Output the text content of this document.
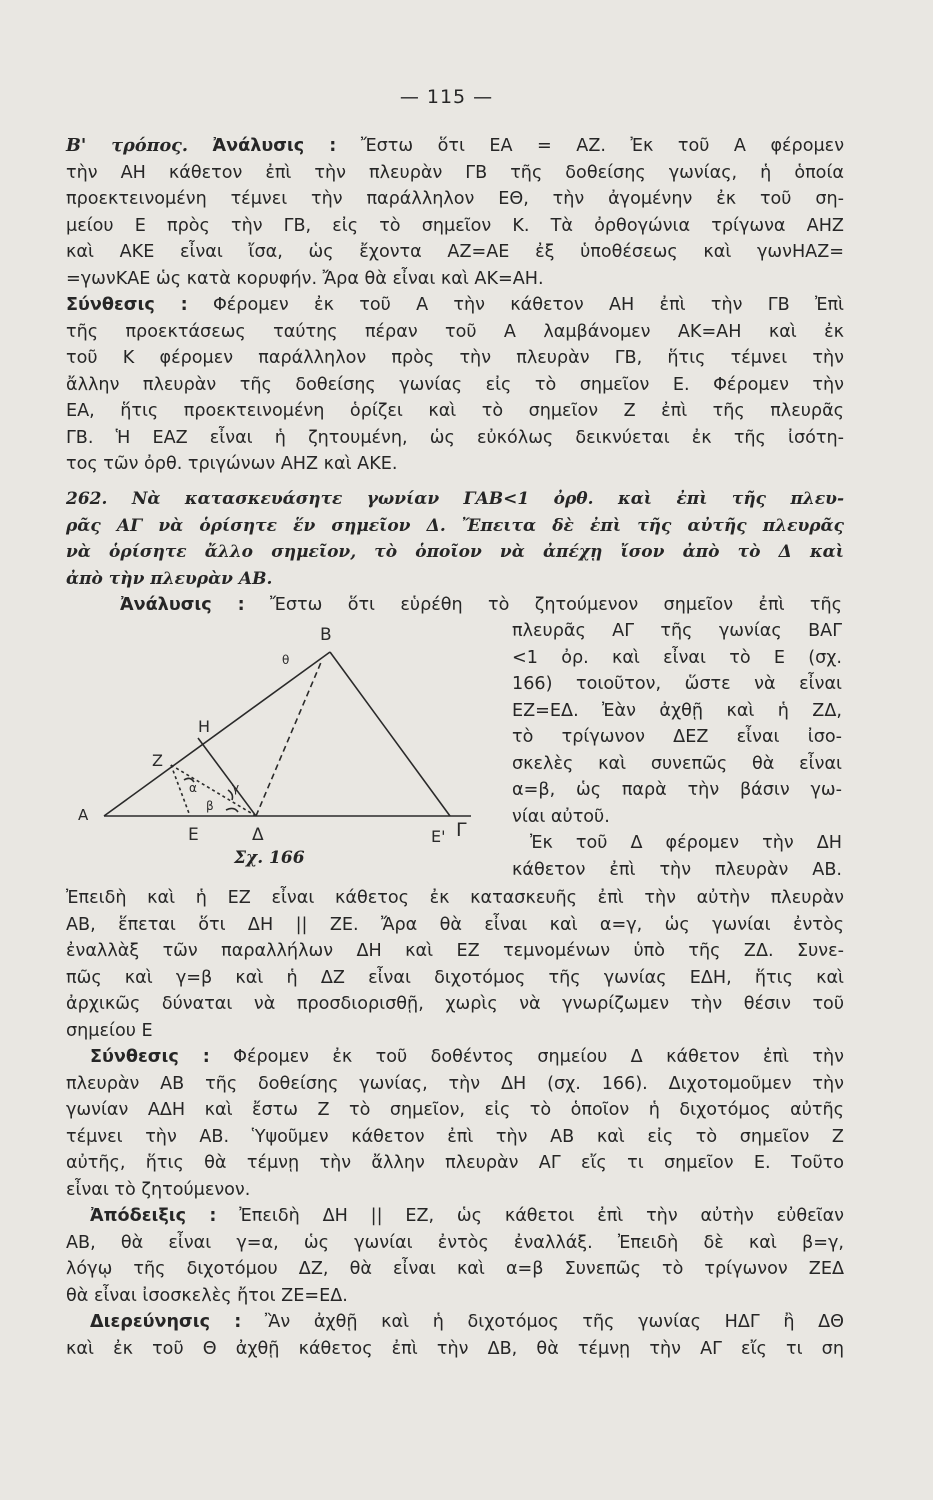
— 115 —

Β' τρόπος. Ἀνάλυσις : Ἔστω ὅτι ΕΑ = ΑΖ. Ἐκ τοῦ Α φέρομεν

τὴν ΑΗ κάθετον ἐπὶ τὴν πλευρὰν ΓΒ τῆς δοθείσης γωνίας, ἡ ὁποία

προεκτεινομένη τέμνει τὴν παράλληλον ΕΘ, τὴν ἀγομένην ἐκ τοῦ ση-

μείου Ε πρὸς τὴν ΓΒ, εἰς τὸ σημεῖον Κ. Τὰ ὀρθογώνια τρίγωνα ΑΗΖ

καὶ ΑΚΕ εἶναι ἴσα, ὡς ἔχοντα ΑΖ=ΑΕ ἐξ ὑποθέσεως καὶ γωνΗΑΖ=

=γωνΚΑΕ ὡς κατὰ κορυφήν. Ἄρα θὰ εἶναι καὶ ΑΚ=ΑΗ.

Σύνθεσις : Φέρομεν ἐκ τοῦ Α τὴν κάθετον ΑΗ ἐπὶ τὴν ΓΒ Ἐπὶ

τῆς προεκτάσεως ταύτης πέραν τοῦ Α λαμβάνομεν ΑΚ=ΑΗ καὶ ἐκ

τοῦ Κ φέρομεν παράλληλον πρὸς τὴν πλευρὰν ΓΒ, ἥτις τέμνει τὴν

ἄλλην πλευρὰν τῆς δοθείσης γωνίας εἰς τὸ σημεῖον Ε. Φέρομεν τὴν

ΕΑ, ἥτις προεκτεινομένη ὁρίζει καὶ τὸ σημεῖον Ζ ἐπὶ τῆς πλευρᾶς

ΓΒ. Ἡ ΕΑΖ εἶναι ἡ ζητουμένη, ὡς εὐκόλως δεικνύεται ἐκ τῆς ἰσότη-

τος τῶν ὀρθ. τριγώνων ΑΗΖ καὶ ΑΚΕ.

262. Νὰ κατασκευάσητε γωνίαν ΓΑΒ<1 ὀρθ. καὶ ἐπὶ τῆς πλευ-
ρᾶς ΑΓ νὰ ὁρίσητε ἕν σημεῖον Δ. Ἔπειτα δὲ ἐπὶ τῆς αὐτῆς πλευρᾶς
νὰ ὁρίσητε ἄλλο σημεῖον, τὸ ὁποῖον νὰ ἀπέχῃ ἴσον ἀπὸ τὸ Δ καὶ
ἀπὸ τὴν πλευρὰν ΑΒ.
Ἀνάλυσις : Ἔστω ὅτι εὑρέθη τὸ ζητούμενον σημεῖον ἐπὶ τῆς

πλευρᾶς ΑΓ τῆς γωνίας ΒΑΓ

<1 ὀρ. καὶ εἶναι τὸ Ε (σχ.

166) τοιοῦτον, ὥστε νὰ εἶναι

ΕΖ=ΕΔ. Ἐὰν ἀχθῇ καὶ ἡ ΖΔ,

τὸ τρίγωνον ΔΕΖ εἶναι ἰσο-

σκελὲς καὶ συνεπῶς θὰ εἶναι

α=β, ὡς παρὰ τὴν βάσιν γω-

νίαι αὐτοῦ.

Ἐκ τοῦ Δ φέρομεν τὴν ΔΗ

κάθετον ἐπὶ τὴν πλευρὰν ΑΒ.

Α
Β
Γ
Δ
Ε	Ε'
Ζ
Η
θ
α
β
γ
Σχ. 166

Ἐπειδὴ καὶ ἡ ΕΖ εἶναι κάθετος ἐκ κατασκευῆς ἐπὶ τὴν αὐτὴν πλευρὰν

ΑΒ, ἕπεται ὅτι ΔΗ || ΖΕ. Ἄρα θὰ εἶναι καὶ α=γ, ὡς γωνίαι ἐντὸς

ἐναλλὰξ τῶν παραλλήλων ΔΗ καὶ ΕΖ τεμνομένων ὑπὸ τῆς ΖΔ. Συνε-

πῶς καὶ γ=β καὶ ἡ ΔΖ εἶναι διχοτόμος τῆς γωνίας ΕΔΗ, ἥτις καὶ

ἀρχικῶς δύναται νὰ προσδιορισθῇ, χωρὶς νὰ γνωρίζωμεν τὴν θέσιν τοῦ

σημείου Ε

Σύνθεσις : Φέρομεν ἐκ τοῦ δοθέντος σημείου Δ κάθετον ἐπὶ τὴν

πλευρὰν ΑΒ τῆς δοθείσης γωνίας, τὴν ΔΗ (σχ. 166). Διχοτομοῦμεν τὴν

γωνίαν ΑΔΗ καὶ ἔστω Ζ τὸ σημεῖον, εἰς τὸ ὁποῖον ἡ διχοτόμος αὐτῆς

τέμνει τὴν ΑΒ. Ὑψοῦμεν κάθετον ἐπὶ τὴν ΑΒ καὶ εἰς τὸ σημεῖον Ζ

αὐτῆς, ἥτις θὰ τέμνῃ τὴν ἄλλην πλευρὰν ΑΓ εἴς τι σημεῖον Ε. Τοῦτο

εἶναι τὸ ζητούμενον.

Ἀπόδειξις : Ἐπειδὴ ΔΗ || ΕΖ, ὡς κάθετοι ἐπὶ τὴν αὐτὴν εὐθεῖαν

ΑΒ, θὰ εἶναι γ=α, ὡς γωνίαι ἐντὸς ἐναλλάξ. Ἐπειδὴ δὲ καὶ β=γ,

λόγῳ τῆς διχοτόμου ΔΖ, θὰ εἶναι καὶ α=β Συνεπῶς τὸ τρίγωνον ΖΕΔ

θὰ εἶναι ἰσοσκελὲς ἤτοι ΖΕ=ΕΔ.

Διερεύνησις : Ἂν ἀχθῇ καὶ ἡ διχοτόμος τῆς γωνίας ΗΔΓ ἢ ΔΘ

καὶ ἐκ τοῦ Θ ἀχθῇ κάθετος ἐπὶ τὴν ΔΒ, θὰ τέμνῃ τὴν ΑΓ εἴς τι ση
